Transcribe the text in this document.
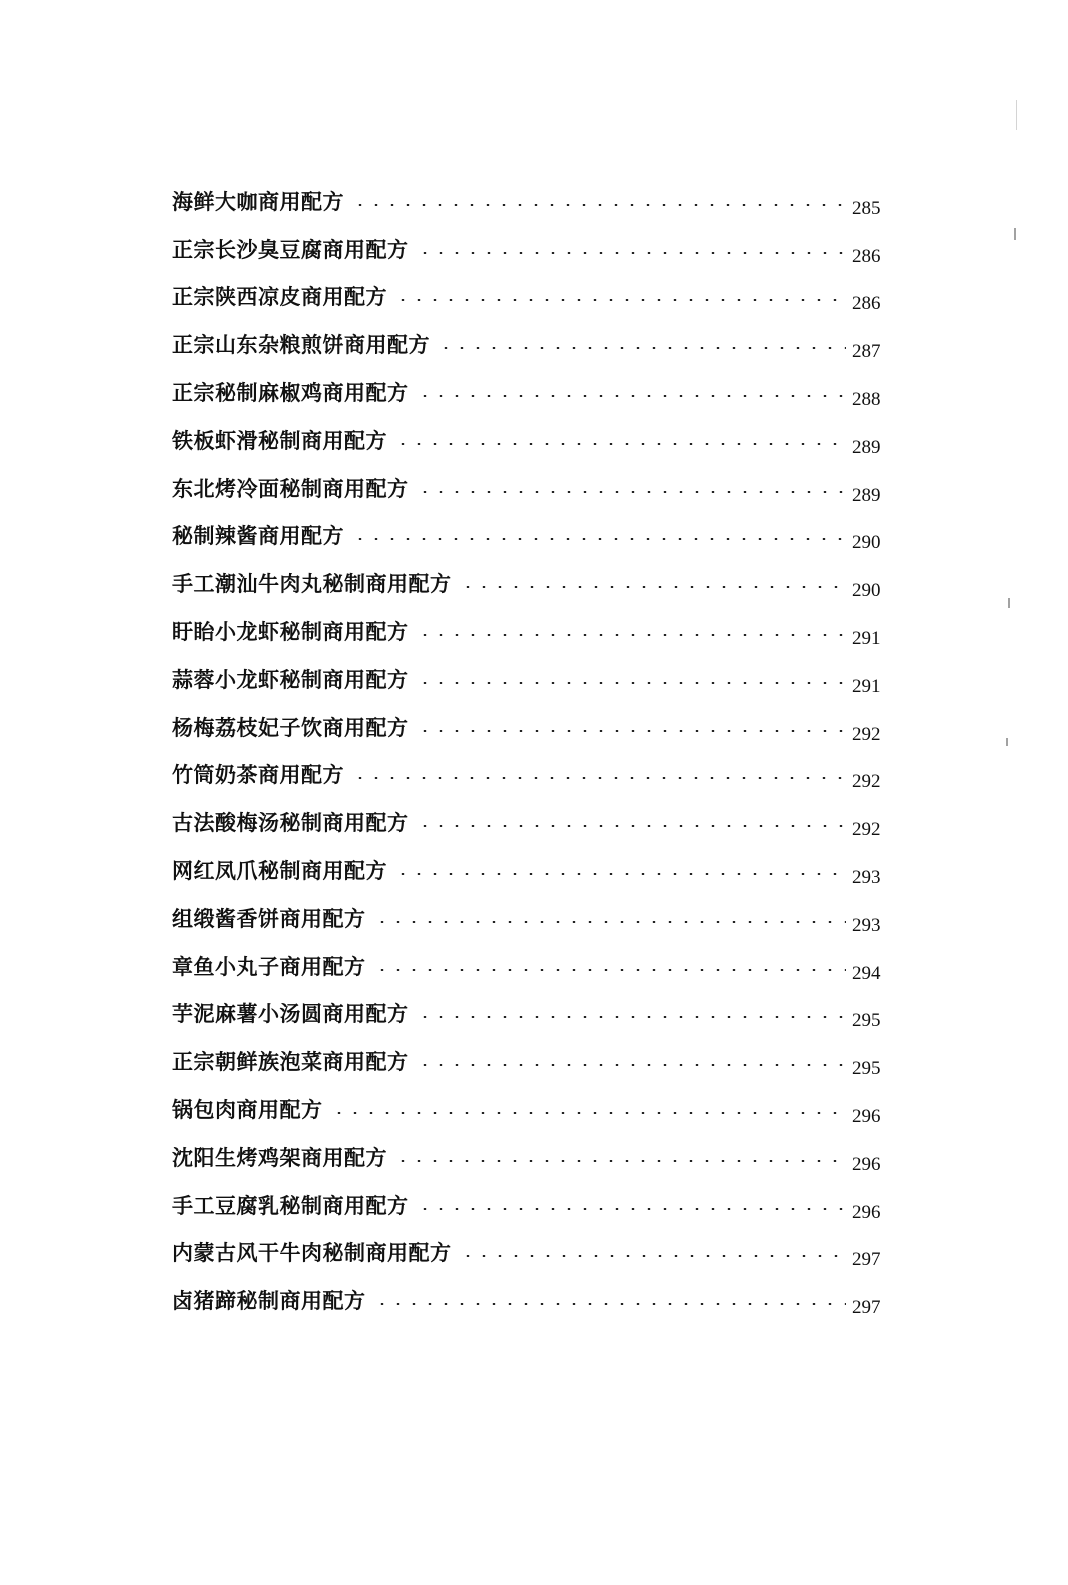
海鲜大咖商用配方	285
正宗长沙臭豆腐商用配方	286
正宗陕西凉皮商用配方	286
正宗山东杂粮煎饼商用配方	287
正宗秘制麻椒鸡商用配方	288
铁板虾滑秘制商用配方	289
东北烤冷面秘制商用配方	289
秘制辣酱商用配方	290
手工潮汕牛肉丸秘制商用配方	290
盱眙小龙虾秘制商用配方	291
蒜蓉小龙虾秘制商用配方	291
杨梅荔枝妃子饮商用配方	292
竹筒奶茶商用配方	292
古法酸梅汤秘制商用配方	292
网红凤爪秘制商用配方	293
组缎酱香饼商用配方	293
章鱼小丸子商用配方	294
芋泥麻薯小汤圆商用配方	295
正宗朝鲜族泡菜商用配方	295
锅包肉商用配方	296
沈阳生烤鸡架商用配方	296
手工豆腐乳秘制商用配方	296
内蒙古风干牛肉秘制商用配方	297
卤猪蹄秘制商用配方	297
